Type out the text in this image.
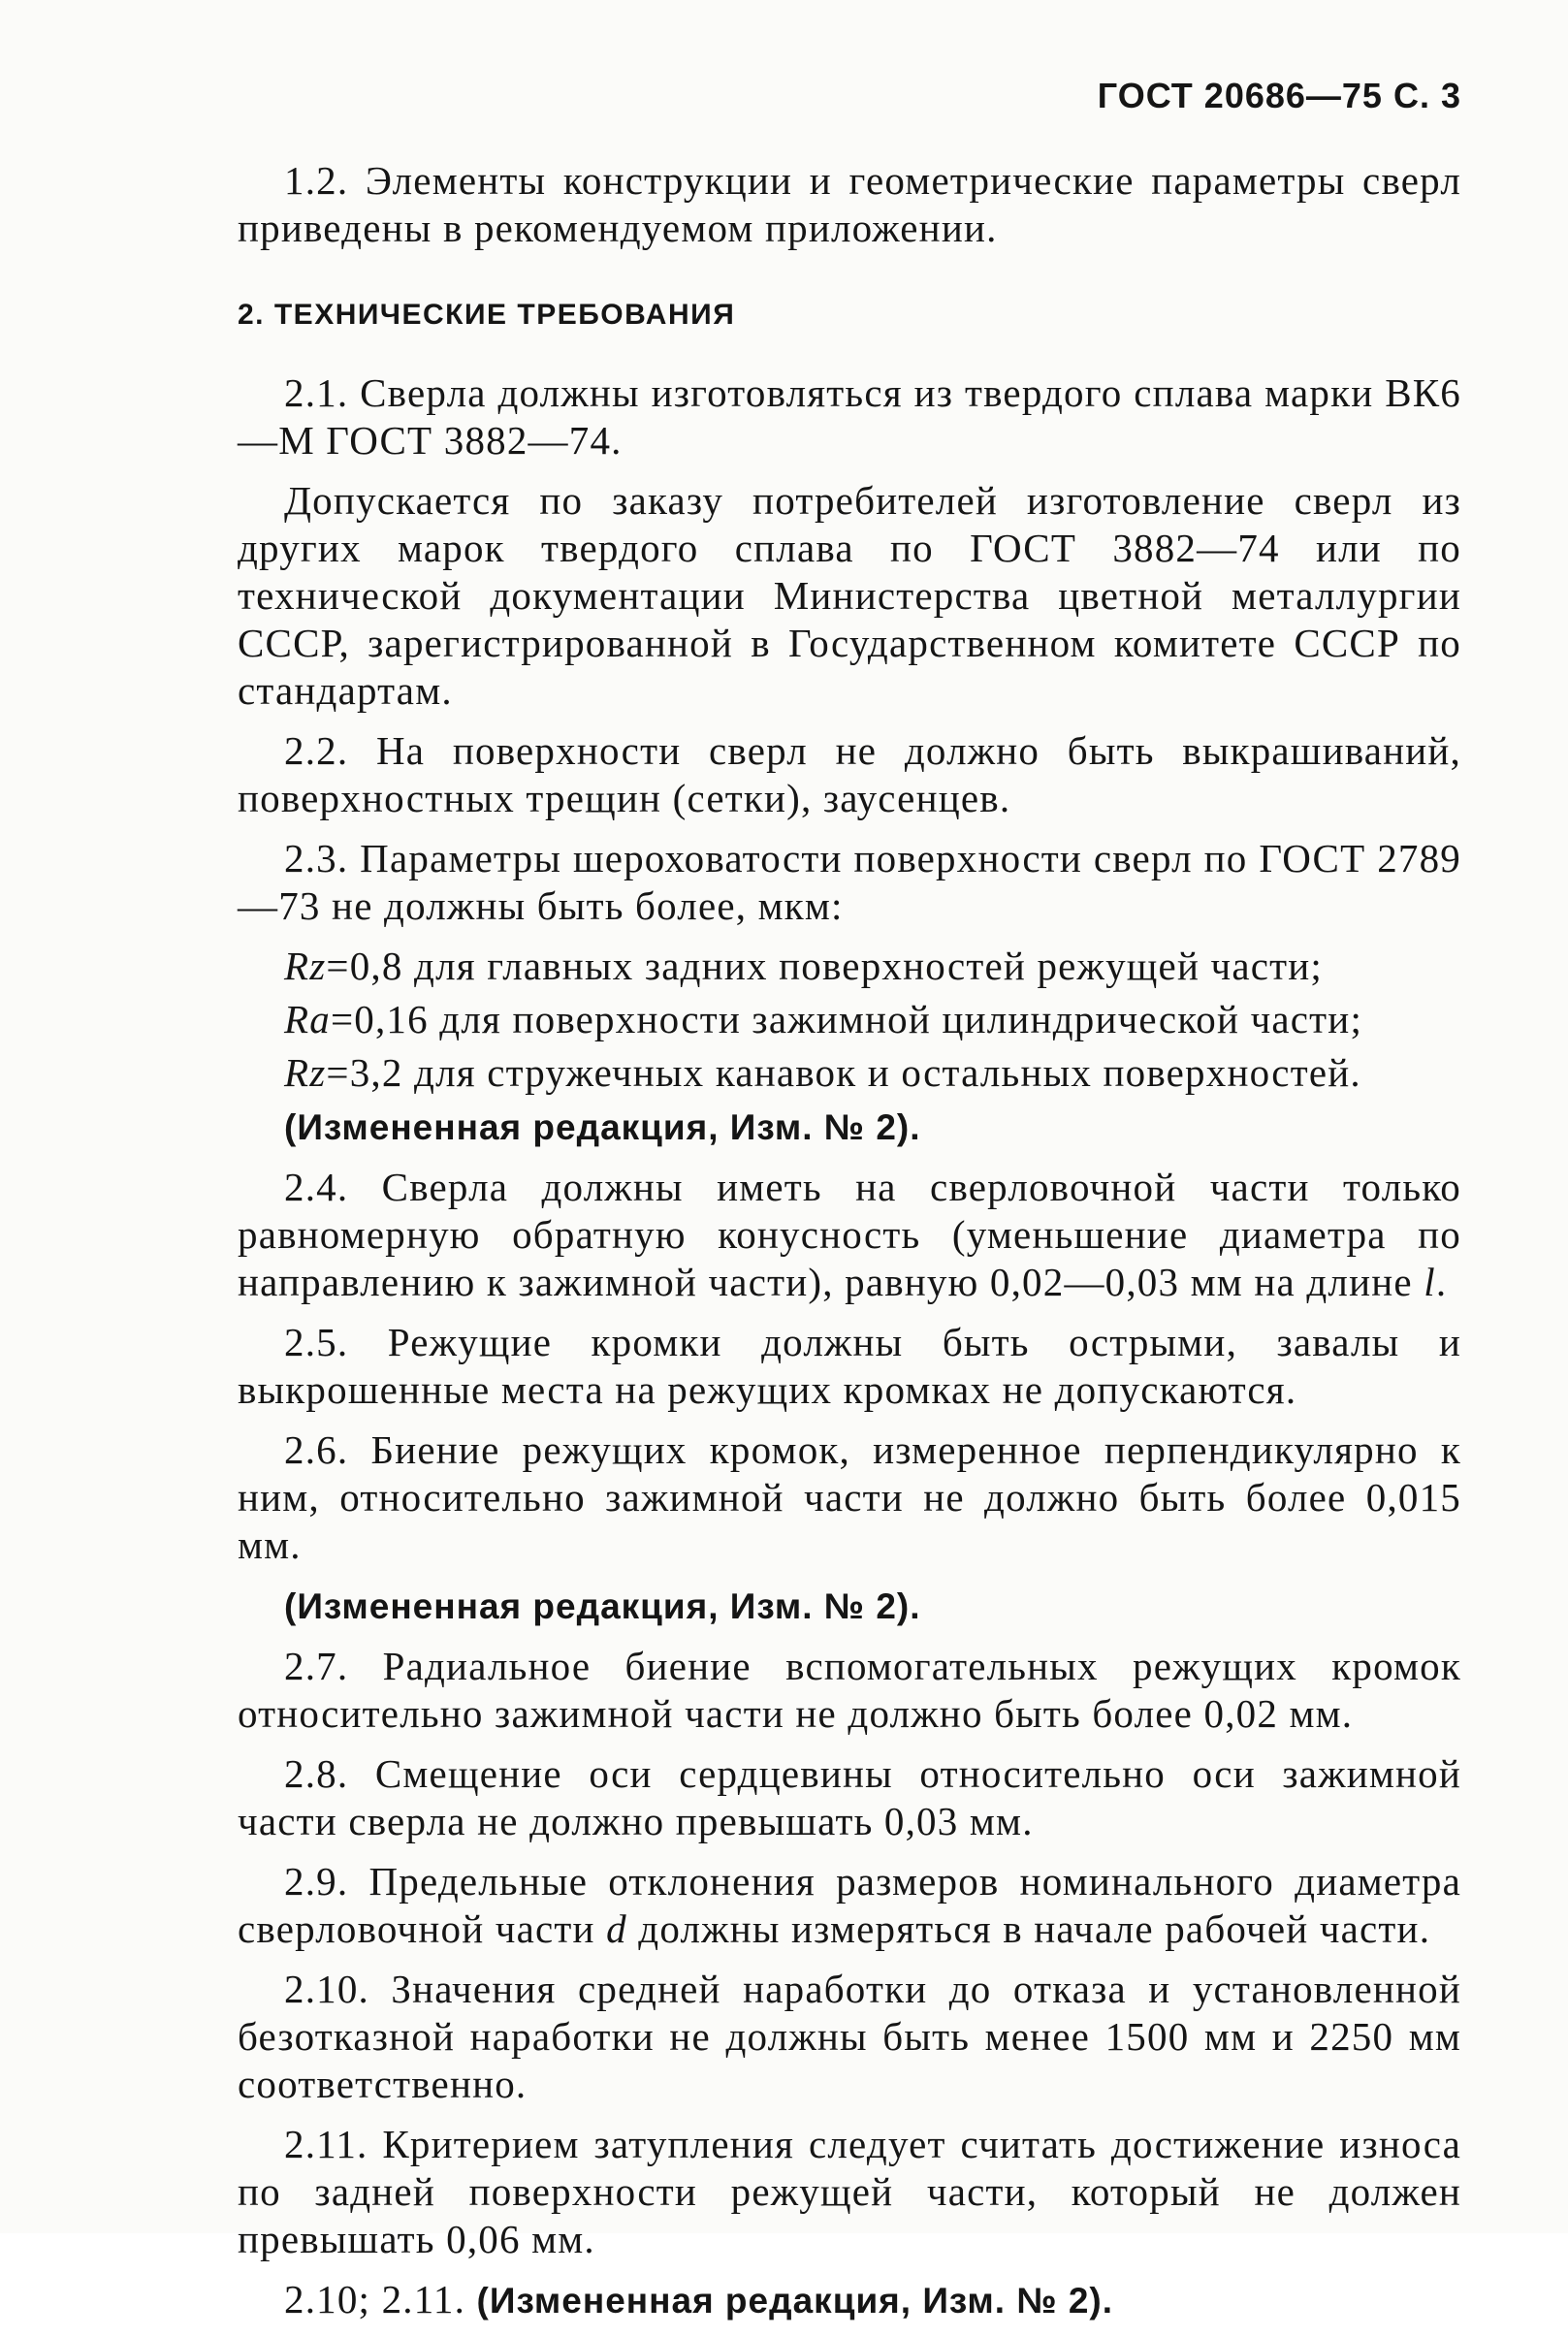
ГОСТ 20686—75 С. 3

1.2. Элементы конструкции и геометрические параметры сверл приведены в рекомендуемом приложении.

2. ТЕХНИЧЕСКИЕ ТРЕБОВАНИЯ

2.1. Сверла должны изготовляться из твердого сплава марки ВК6—М ГОСТ 3882—74.

Допускается по заказу потребителей изготовление сверл из других марок твердого сплава по ГОСТ 3882—74 или по технической документации Министерства цветной металлургии СССР, зарегистрированной в Государственном комитете СССР по стандартам.

2.2. На поверхности сверл не должно быть выкрашиваний, поверхностных трещин (сетки), заусенцев.

2.3. Параметры шероховатости поверхности сверл по ГОСТ 2789—73 не должны быть более, мкм:

Rz=0,8 для главных задних поверхностей режущей части;

Ra=0,16 для поверхности зажимной цилиндрической части;

Rz=3,2 для стружечных канавок и остальных поверхностей.

(Измененная редакция, Изм. № 2).

2.4. Сверла должны иметь на сверловочной части только равномерную обратную конусность (уменьшение диаметра по направлению к зажимной части), равную 0,02—0,03 мм на длине l.

2.5. Режущие кромки должны быть острыми, завалы и выкрошенные места на режущих кромках не допускаются.

2.6. Биение режущих кромок, измеренное перпендикулярно к ним, относительно зажимной части не должно быть более 0,015 мм.

(Измененная редакция, Изм. № 2).

2.7. Радиальное биение вспомогательных режущих кромок относительно зажимной части не должно быть более 0,02 мм.

2.8. Смещение оси сердцевины относительно оси зажимной части сверла не должно превышать 0,03 мм.

2.9. Предельные отклонения размеров номинального диаметра сверловочной части d должны измеряться в начале рабочей части.

2.10. Значения средней наработки до отказа и установленной безотказной наработки не должны быть менее 1500 мм и 2250 мм соответственно.

2.11. Критерием затупления следует считать достижение износа по задней поверхности режущей части, который не должен превышать 0,06 мм.

2.10; 2.11. (Измененная редакция, Изм. № 2).
